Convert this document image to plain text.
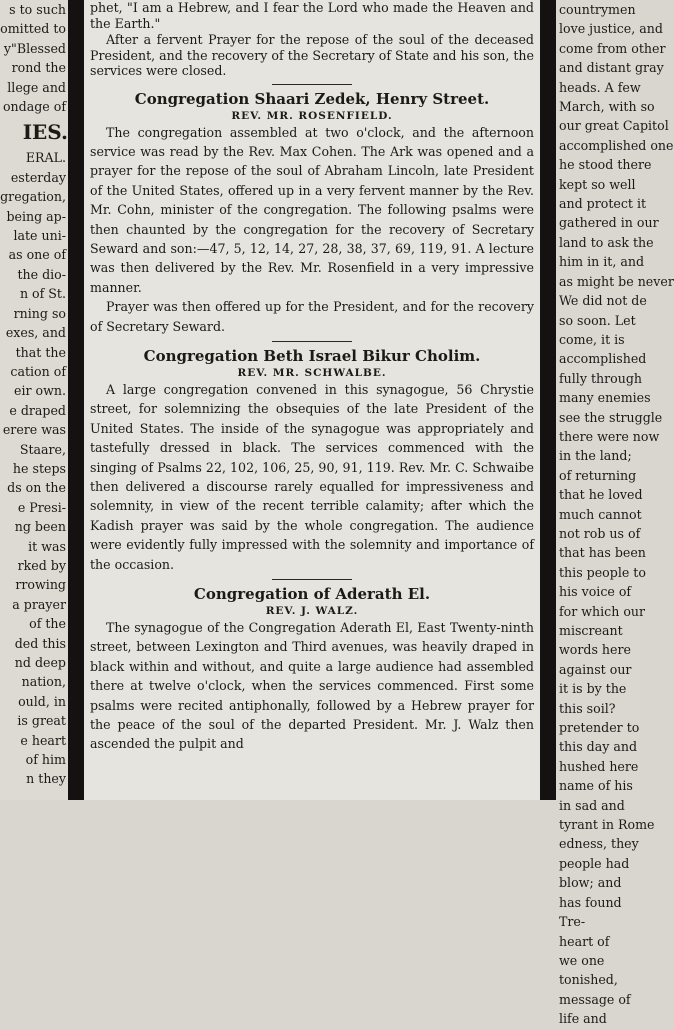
s to such
omitted to
y"Blessed
rond the
llege and
ondage of
IES.
ERAL.
esterday
gregation,
being ap-
late uni-
as one of
the dio-
n of St.
rning so
exes, and
that the
cation of
eir own.
e draped
erere was
Staare,
he steps
ds on the
e Presi-
ng been
it was
rked by
rrowing
a prayer
of the
ded this
nd deep
nation,
ould, in
is great
e heart
of him
n they
phet, "I am a Hebrew, and I fear the Lord who made the Heaven and the Earth."

After a fervent Prayer for the repose of the soul of the deceased President, and the recovery of the Secretary of State and his son, the services were closed.

Congregation Shaari Zedek, Henry Street.
REV. MR. ROSENFIELD.

The congregation assembled at two o'clock, and the afternoon service was read by the Rev. Max Cohen. The Ark was opened and a prayer for the repose of the soul of Abraham Lincoln, late President of the United States, offered up in a very fervent manner by the Rev. Mr. Cohn, minister of the congregation. The following psalms were then chaunted by the congregation for the recovery of Secretary Seward and son:—47, 5, 12, 14, 27, 28, 38, 37, 69, 119, 91. A lecture was then delivered by the Rev. Mr. Rosenfield in a very impressive manner.

Prayer was then offered up for the President, and for the recovery of Secretary Seward.

Congregation Beth Israel Bikur Cholim.
REV. MR. SCHWALBE.

A large congregation convened in this synagogue, 56 Chrystie street, for solemnizing the obsequies of the late President of the United States. The inside of the synagogue was appropriately and tastefully dressed in black. The services commenced with the singing of Psalms 22, 102, 106, 25, 90, 91, 119. Rev. Mr. C. Schwaibe then delivered a discourse rarely equalled for impressiveness and solemnity, in view of the recent terrible calamity; after which the Kadish prayer was said by the whole congregation. The audience were evidently fully impressed with the solemnity and importance of the occasion.

Congregation of Aderath El.
REV. J. WALZ.

The synagogue of the Congregation Aderath El, East Twenty-ninth street, between Lexington and Third avenues, was heavily draped in black within and without, and quite a large audience had assembled there at twelve o'clock, when the services commenced. First some psalms were recited antiphonally, followed by a Hebrew prayer for the peace of the soul of the departed President. Mr. J. Walz then ascended the pulpit and

countrymen
love justice, and
come from other
and distant gray
heads. A few
March, with so
our great Capitol
accomplished one
he stood there
kept so well
and protect it
gathered in our
land to ask the
him in it, and
as might be never
We did not de
so soon. Let
come, it is
accomplished
fully through
many enemies
see the struggle
there were now
in the land;
of returning
that he loved
much cannot
not rob us of
that has been
this people to
his voice of
for which our
miscreant
words here
against our
it is by the
this soil?
pretender to
this day and
hushed here
name of his
in sad and
tyrant in Rome
edness, they
people had
blow; and
has found
Tre-
heart of
we one
tonished,
message of
life and
